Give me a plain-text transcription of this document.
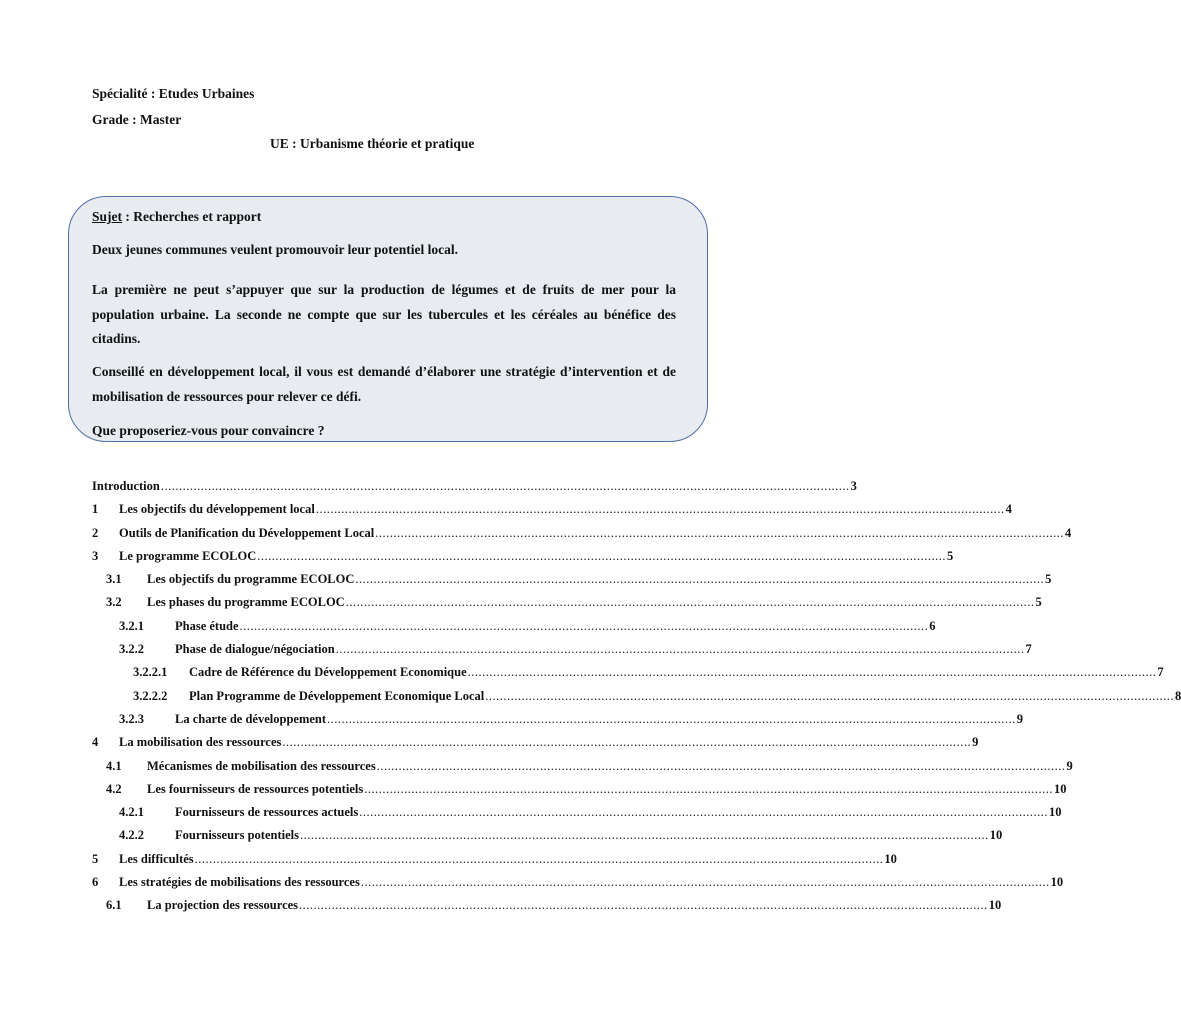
Spécialité : Etudes Urbaines
Grade : Master
UE : Urbanisme théorie et pratique
Sujet : Recherches et rapport
Deux jeunes communes veulent promouvoir leur potentiel local.
La première ne peut s’appuyer que sur la production de légumes et de fruits de mer pour la population urbaine. La seconde ne compte que sur les tubercules et les céréales au bénéfice des citadins.
Conseillé en développement local, il vous est demandé d’élaborer une stratégie d’intervention et de mobilisation de ressources pour relever ce défi.
Que proposeriez-vous pour convaincre ?
Introduction .............................................................................................................................................................................................. 3
1	Les objectifs du développement local .............................................................................................................................................................................................. 4
2	Outils de Planification du Développement Local .............................................................................................................................................................................................. 4
3	Le programme ECOLOC .............................................................................................................................................................................................. 5
3.1	Les objectifs du programme ECOLOC .............................................................................................................................................................................................. 5
3.2	Les phases du programme ECOLOC .............................................................................................................................................................................................. 5
3.2.1	Phase étude .............................................................................................................................................................................................. 6
3.2.2	Phase de dialogue/négociation .............................................................................................................................................................................................. 7
3.2.2.1	Cadre de Référence du Développement Economique .............................................................................................................................................................................................. 7
3.2.2.2	Plan Programme de Développement Economique Local .............................................................................................................................................................................................. 8
3.2.3	La charte de développement .............................................................................................................................................................................................. 9
4	La mobilisation des ressources .............................................................................................................................................................................................. 9
4.1	Mécanismes de mobilisation des ressources .............................................................................................................................................................................................. 9
4.2	Les fournisseurs de ressources potentiels .............................................................................................................................................................................................. 10
4.2.1	Fournisseurs de ressources actuels .............................................................................................................................................................................................. 10
4.2.2	Fournisseurs potentiels .............................................................................................................................................................................................. 10
5	Les difficultés .............................................................................................................................................................................................. 10
6	Les stratégies de mobilisations des ressources .............................................................................................................................................................................................. 10
6.1	La projection des ressources .............................................................................................................................................................................................. 10
